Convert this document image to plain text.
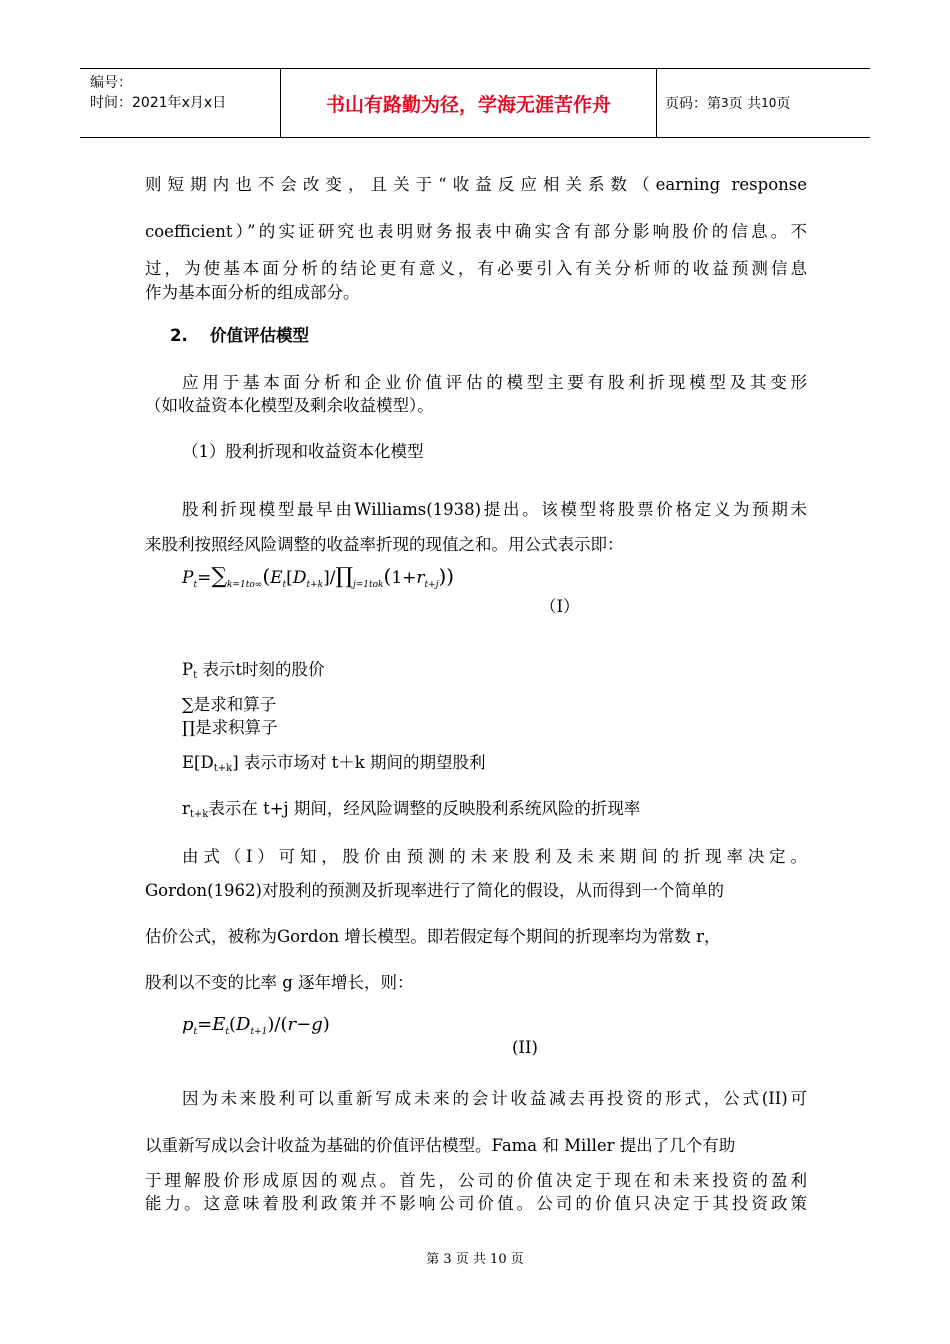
编号：
时间：2021年x月x日	书山有路勤为径，学海无涯苦作舟	页码：第 3 页 共 10 页
则短期内也不会改变，且关于“收益反应相关系数（earning response
coefficient）”的实证研究也表明财务报表中确实含有部分影响股价的信息。不
过，为使基本面分析的结论更有意义，有必要引入有关分析师的收益预测信息
作为基本面分析的组成部分。
2. 价值评估模型
应用于基本面分析和企业价值评估的模型主要有股利折现模型及其变形
（如收益资本化模型及剩余收益模型）。
（1）股利折现和收益资本化模型
股利折现模型最早由Williams(1938)提出。该模型将股票价格定义为预期未
来股利按照经风险调整的收益率折现的现值之和。用公式表示即：
$P_t=\sum_{k=1to\infty}(E_t[D_{t+k}]/\prod_{j=1tok}(1+r_{t+j}))$
（Ⅰ）
Pt 表示t时刻的股价
∑是求和算子
∏是求积算子
E[Dt+k] 表示市场对 t＋k 期间的期望股利
rt+k表示在 t+j 期间，经风险调整的反映股利系统风险的折现率
由式（Ⅰ）可知，股价由预测的未来股利及未来期间的折现率决定。
Gordon(1962)对股利的预测及折现率进行了简化的假设，从而得到一个简单的
估价公式，被称为Gordon 增长模型。即若假定每个期间的折现率均为常数 r，
股利以不变的比率 g 逐年增长，则：
$p_t=E_t(D_{t+1})/(r-g)$
(II)
因为未来股利可以重新写成未来的会计收益减去再投资的形式，公式(II)可
以重新写成以会计收益为基础的价值评估模型。Fama 和 Miller 提出了几个有助
于理解股价形成原因的观点。首先，公司的价值决定于现在和未来投资的盈利
能力。这意味着股利政策并不影响公司价值。公司的价值只决定于其投资政策
第 3 页 共 10 页
